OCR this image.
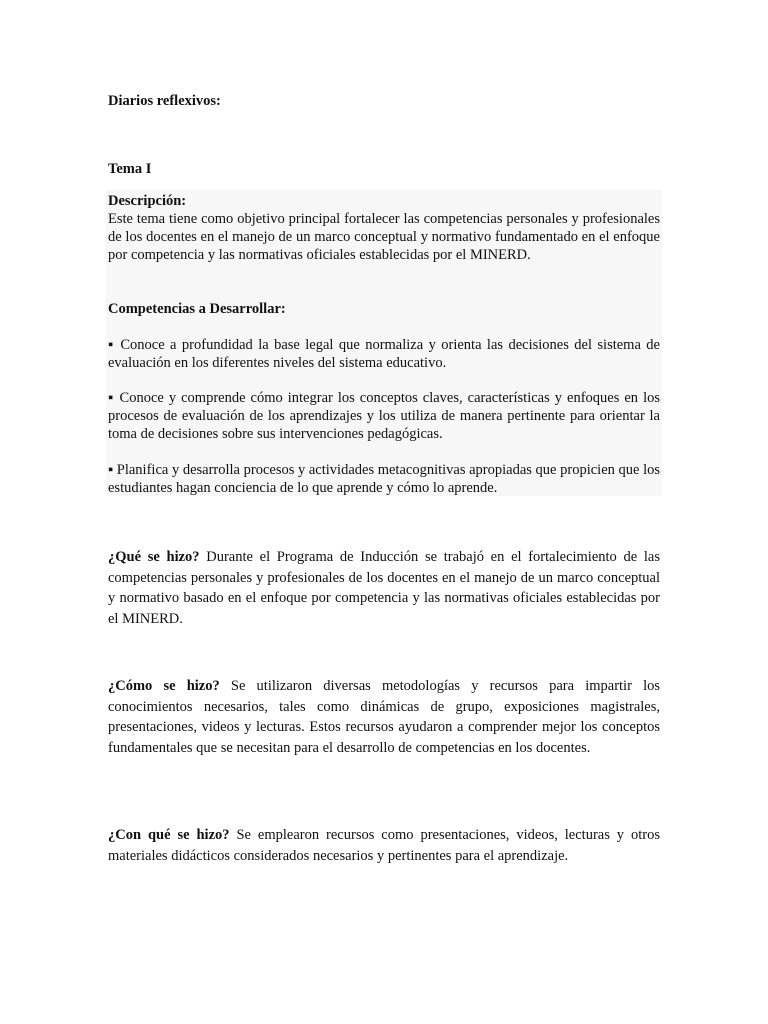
Diarios reflexivos:

Tema I

Descripción:

Este tema tiene como objetivo principal fortalecer las competencias personales y profesionales de los docentes en el manejo de un marco conceptual y normativo fundamentado en el enfoque por competencia y las normativas oficiales establecidas por el MINERD.

Competencias a Desarrollar:

▪ Conoce a profundidad la base legal que normaliza y orienta las decisiones del sistema de evaluación en los diferentes niveles del sistema educativo.

▪ Conoce y comprende cómo integrar los conceptos claves, características y enfoques en los procesos de evaluación de los aprendizajes y los utiliza de manera pertinente para orientar la toma de decisiones sobre sus intervenciones pedagógicas.

▪ Planifica y desarrolla procesos y actividades metacognitivas apropiadas que propicien que los estudiantes hagan conciencia de lo que aprende y cómo lo aprende.

¿Qué se hizo? Durante el Programa de Inducción se trabajó en el fortalecimiento de las competencias personales y profesionales de los docentes en el manejo de un marco conceptual y normativo basado en el enfoque por competencia y las normativas oficiales establecidas por el MINERD.

¿Cómo se hizo? Se utilizaron diversas metodologías y recursos para impartir los conocimientos necesarios, tales como dinámicas de grupo, exposiciones magistrales, presentaciones, videos y lecturas. Estos recursos ayudaron a comprender mejor los conceptos fundamentales que se necesitan para el desarrollo de competencias en los docentes.

¿Con qué se hizo? Se emplearon recursos como presentaciones, videos, lecturas y otros materiales didácticos considerados necesarios y pertinentes para el aprendizaje.
